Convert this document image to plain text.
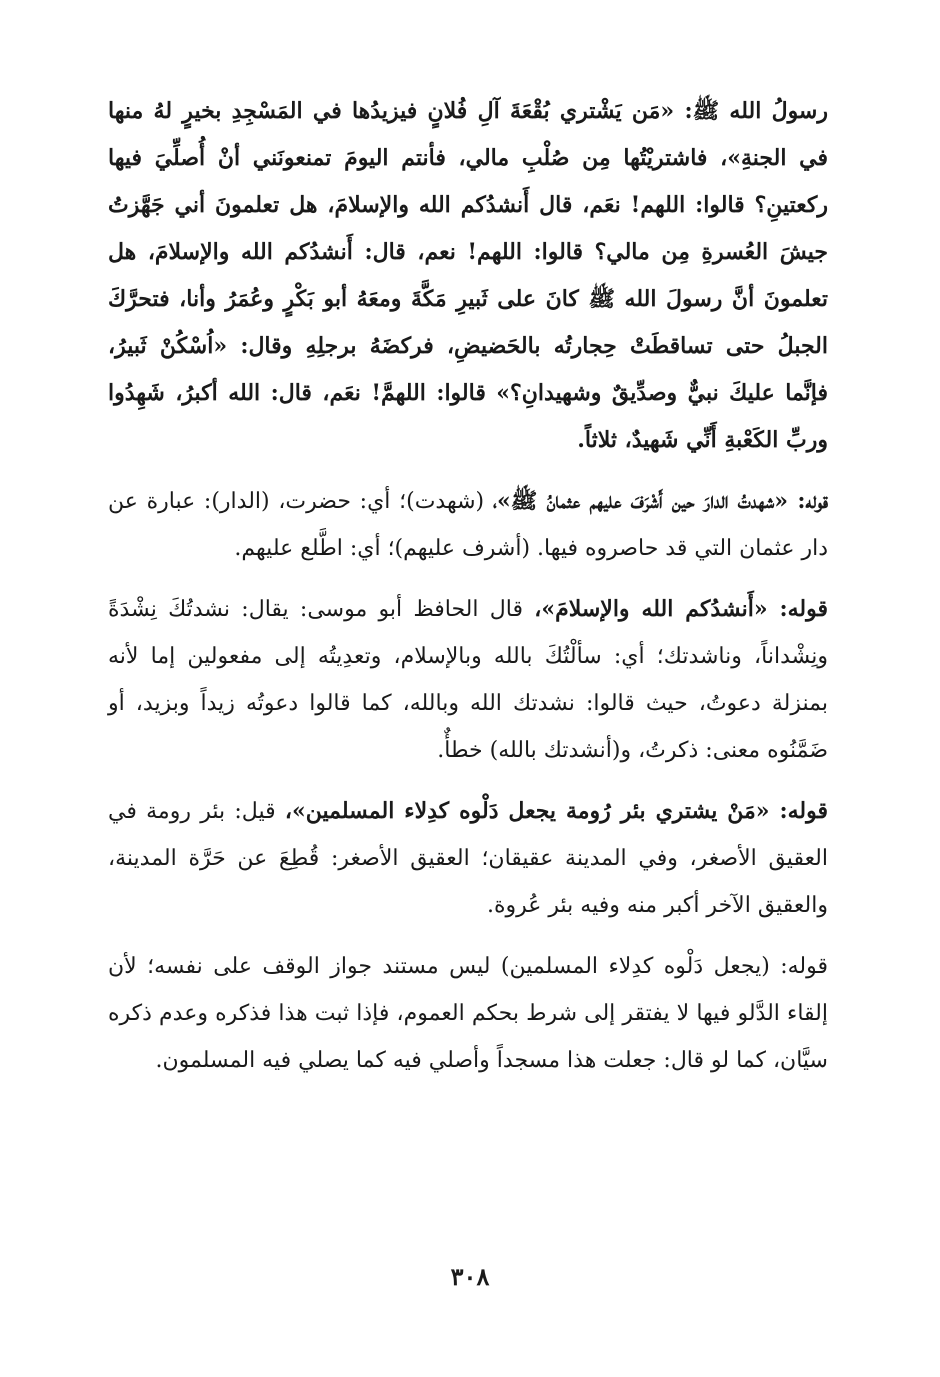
رسولُ الله ﷺ: «مَن يَشْتري بُقْعَةَ آلِ فُلانٍ فيزيدُها في المَسْجِدِ بخيرٍ لهُ منها في الجنةِ»، فاشتريْتُها مِن صُلْبِ مالي، فأنتم اليومَ تمنعونَني أنْ أُصلِّيَ فيها ركعتينِ؟ قالوا: اللهم! نعَم، قال أَنشدُكم الله والإسلامَ، هل تعلمونَ أني جَهَّزتُ جيشَ العُسرةِ مِن مالي؟ قالوا: اللهم! نعم، قال: أَنشدُكم الله والإسلامَ، هل تعلمونَ أنَّ رسولَ الله ﷺ كانَ على ثَبيرِ مَكَّةَ ومعَهُ أبو بَكْرٍ وعُمَرُ وأنا، فتحرَّكَ الجبلُ حتى تساقطَتْ حِجارتُه بالحَضيضِ، فركضَهُ برجلِهِ وقال: «اُسْكُنْ ثَبيرُ، فإنَّما عليكَ نبيٌّ وصدِّيقٌ وشهيدانِ؟» قالوا: اللهمَّ! نعَم، قال: الله أكبرُ، شَهِدُوا وربِّ الكَعْبةِ أَنِّي شَهيدٌ، ثلاثاً.

قوله: «شهدتُ الدارَ حين أَشْرَفَ عليهم عثمانُ ﷺ»، (شهدت)؛ أي: حضرت، (الدار): عبارة عن دار عثمان التي قد حاصروه فيها. (أشرف عليهم)؛ أي: اطَّلع عليهم.

قوله: «أَنشدُكم الله والإسلامَ»، قال الحافظ أبو موسى: يقال: نشدتُكَ نِشْدَةً ونِشْداناً، وناشدتك؛ أي: سألْتُكَ بالله وبالإسلام، وتعدِيتُه إلى مفعولين إما لأنه بمنزلة دعوتُ، حيث قالوا: نشدتك الله وبالله، كما قالوا دعوتُه زيداً وبزيد، أو ضَمَّنُوه معنى: ذكرتُ، و(أنشدتك بالله) خطأٌ.

قوله: «مَنْ يشتري بئر رُومة يجعل دَلْوه كدِلاء المسلمين»، قيل: بئر رومة في العقيق الأصغر، وفي المدينة عقيقان؛ العقيق الأصغر: قُطِعَ عن حَرَّة المدينة، والعقيق الآخر أكبر منه وفيه بئر عُروة.

قوله: (يجعل دَلْوه كدِلاء المسلمين) ليس مستند جواز الوقف على نفسه؛ لأن إلقاء الدَّلو فيها لا يفتقر إلى شرط بحكم العموم، فإذا ثبت هذا فذكره وعدم ذكره سيَّان، كما لو قال: جعلت هذا مسجداً وأصلي فيه كما يصلي فيه المسلمون.

٣٠٨
